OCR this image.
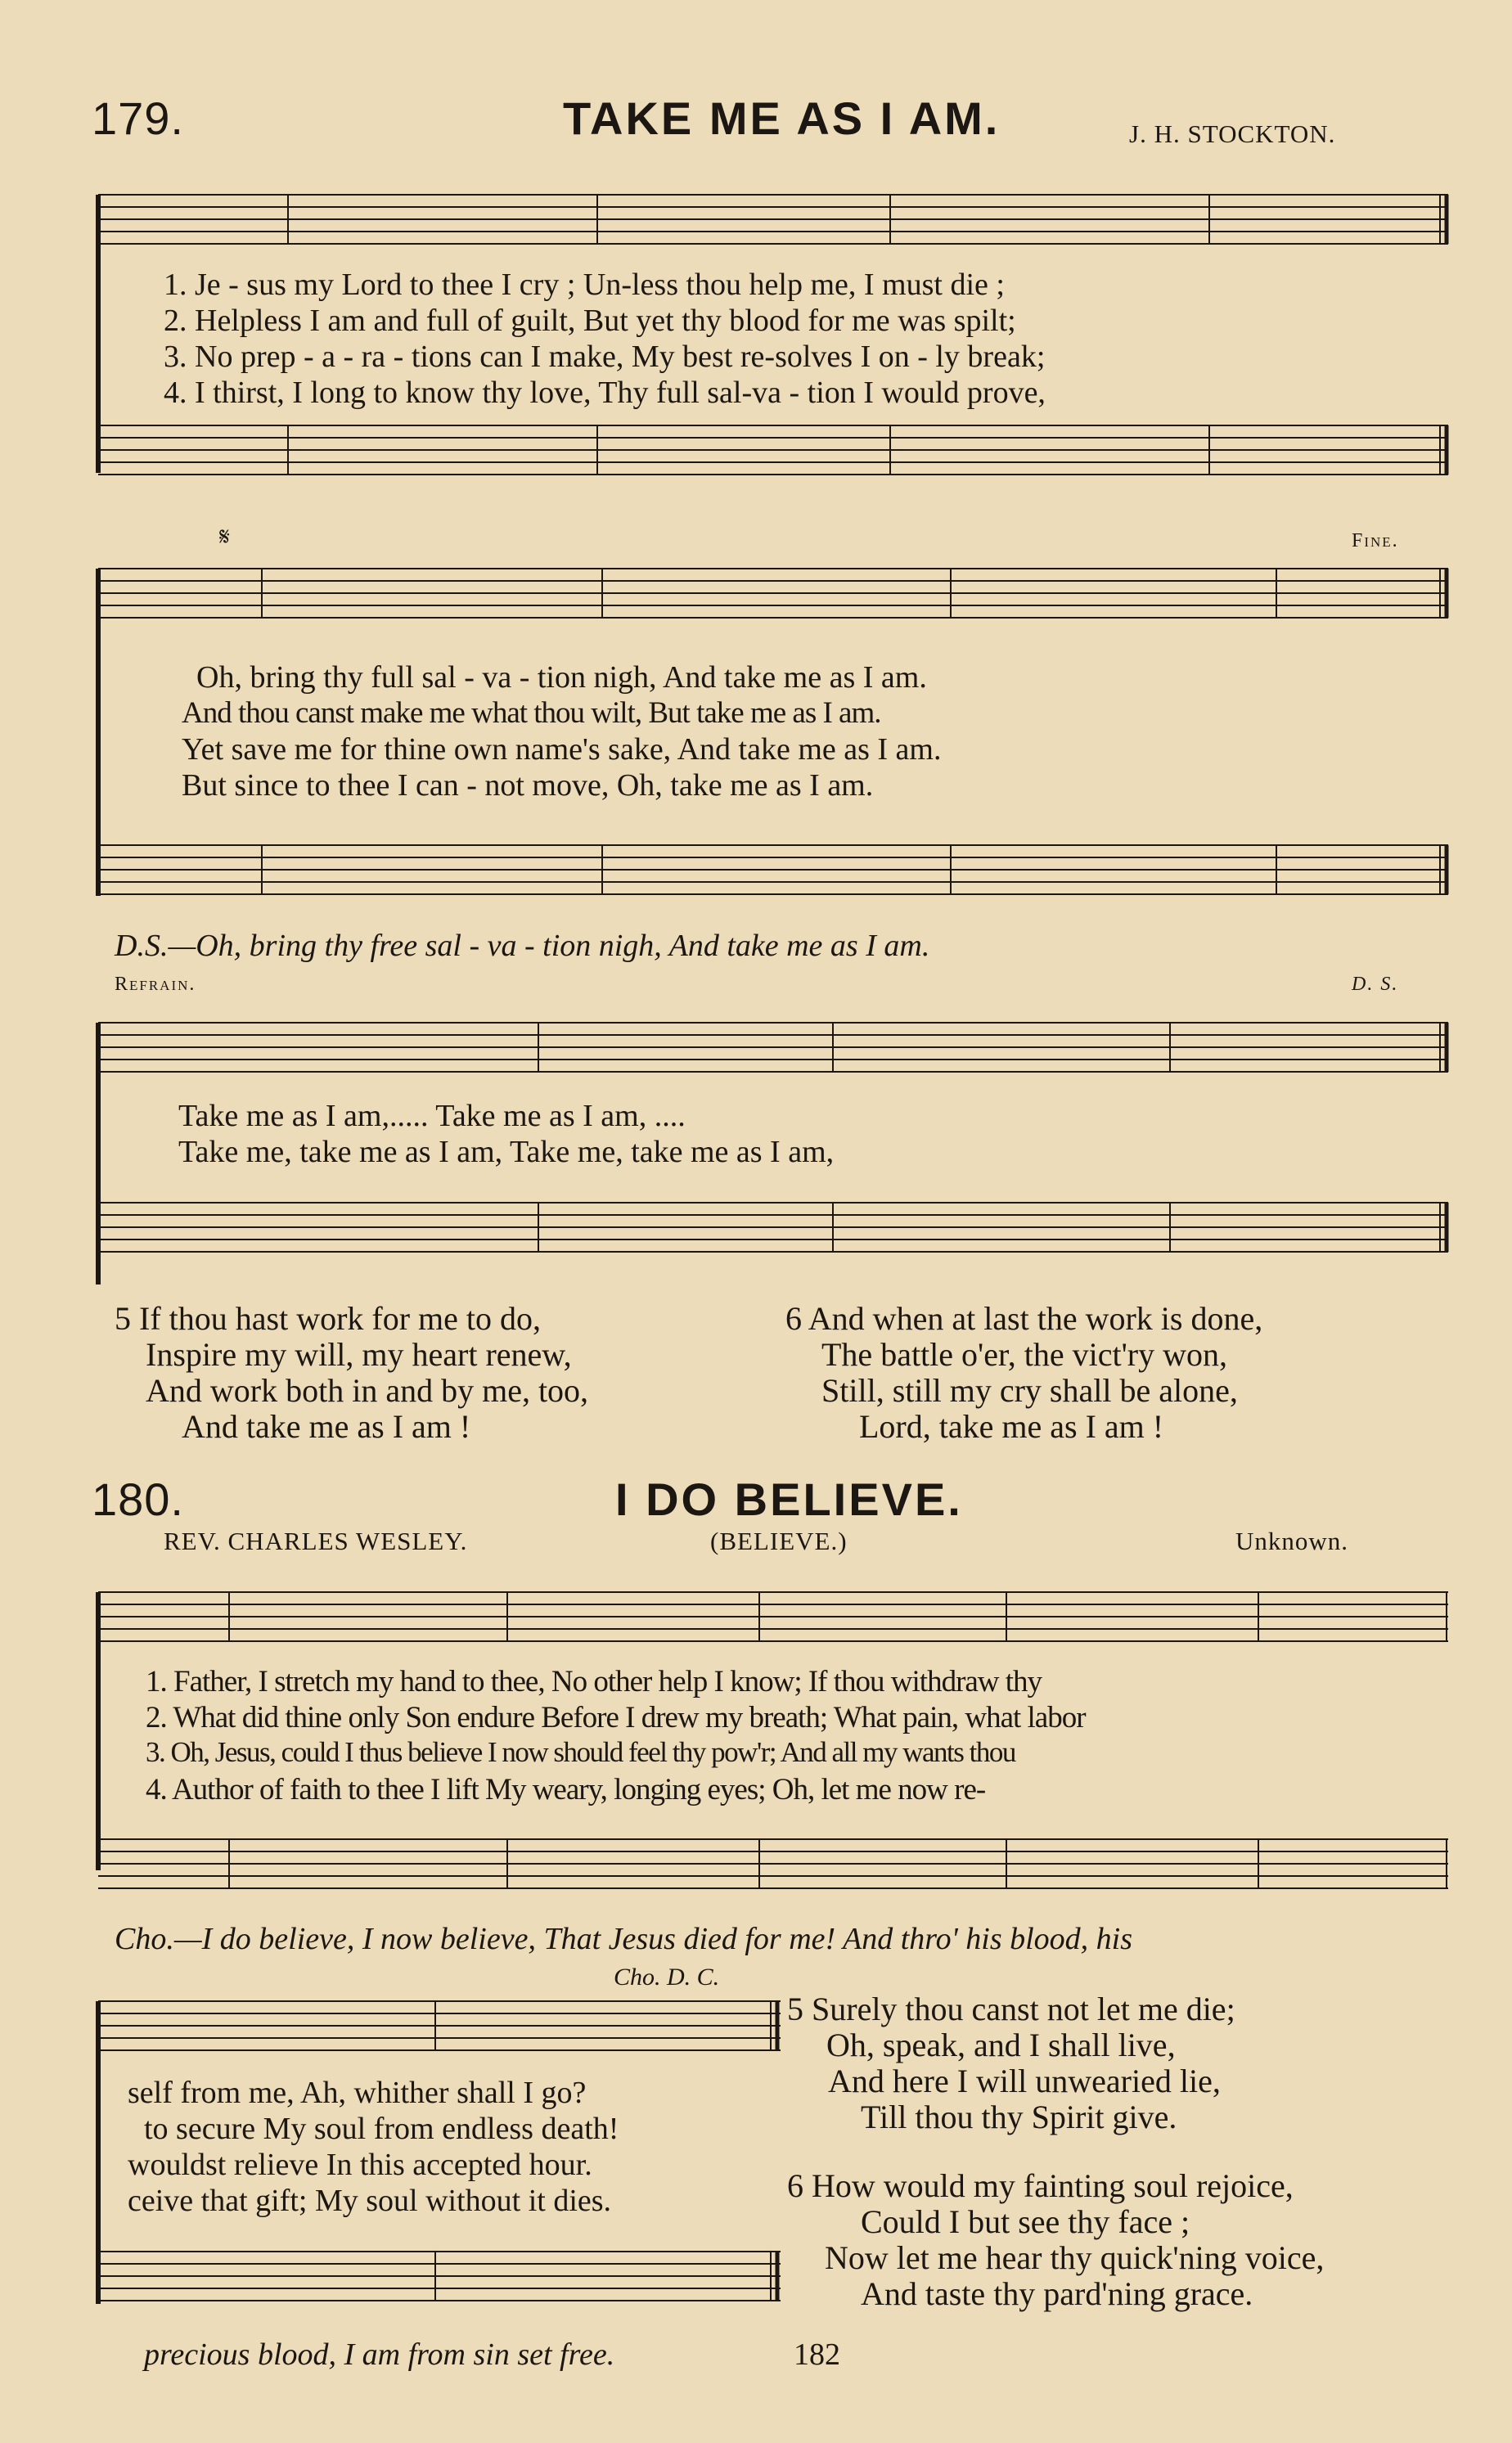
179.	TAKE ME AS I AM.	J. H. STOCKTON.
1. Je - sus my Lord to thee I cry ; Un-less thou help me, I must die ;
2. Helpless I am and full of guilt, But yet thy blood for me was spilt;
3. No prep - a - ra - tions can I make, My best re-solves I on - ly break;
4. I thirst, I long to know thy love, Thy full sal-va - tion I would prove,
𝄋	Fine.
Oh, bring thy full sal - va - tion nigh, And take me as I am.
And thou canst make me what thou wilt, But take me as I am.
Yet save me for thine own name's sake, And take me as I am.
But since to thee I can - not move, Oh, take me as I am.
D.S.—Oh, bring thy free sal - va - tion nigh, And take me as I am.
Refrain.	D. S.
Take me as I am,..... Take me as I am, ....
Take me, take me as I am, Take me, take me as I am,
5 If thou hast work for me to do,
Inspire my will, my heart renew,
And work both in and by me, too,
And take me as I am !
6 And when at last the work is done,
The battle o'er, the vict'ry won,
Still, still my cry shall be alone,
Lord, take me as I am !
180.	I DO BELIEVE.
REV. CHARLES WESLEY.	(BELIEVE.)	Unknown.
1. Father, I stretch my hand to thee, No other help I know; If thou withdraw thy
2. What did thine only Son endure Before I drew my breath; What pain, what labor
3. Oh, Jesus, could I thus believe I now should feel thy pow'r; And all my wants thou
4. Author of faith to thee I lift My weary, longing eyes; Oh, let me now re-
Cho.—I do believe, I now believe, That Jesus died for me! And thro' his blood, his
Cho. D. C.
self from me, Ah, whither shall I go?
to secure My soul from endless death!
wouldst relieve In this accepted hour.
ceive that gift; My soul without it dies.
5 Surely thou canst not let me die;
Oh, speak, and I shall live,
And here I will unwearied lie,
Till thou thy Spirit give.
6 How would my fainting soul rejoice,
Could I but see thy face ;
Now let me hear thy quick'ning voice,
And taste thy pard'ning grace.
precious blood, I am from sin set free.	182
